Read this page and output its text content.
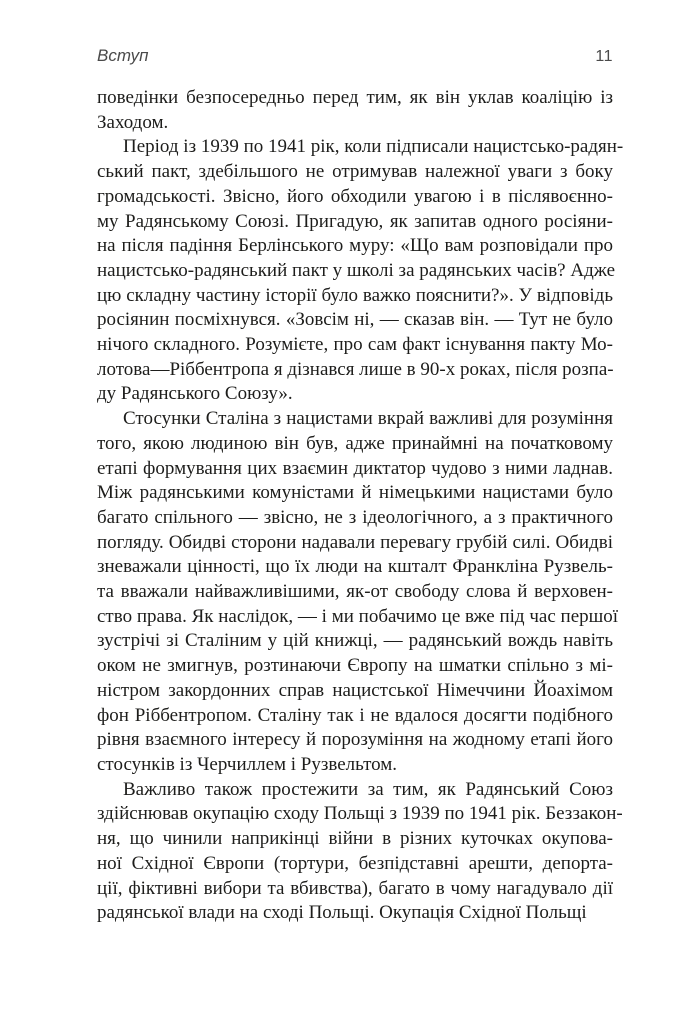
Вступ	11
поведінки безпосередньо перед тим, як він уклав коаліцію із
Заходом.
Період із 1939 по 1941 рік, коли підписали нацистсько-радян-
ський пакт, здебільшого не отримував належної уваги з боку
громадськості. Звісно, його обходили увагою і в післявоєнно-
му Радянському Союзі. Пригадую, як запитав одного росіяни-
на після падіння Берлінського муру: «Що вам розповідали про
нацистсько-радянський пакт у школі за радянських часів? Адже
цю складну частину історії було важко пояснити?». У відповідь
росіянин посміхнувся. «Зовсім ні, — сказав він. — Тут не було
нічого складного. Розумієте, про сам факт існування пакту Мо-
лотова—Ріббентропа я дізнався лише в 90-х роках, після розпа-
ду Радянського Союзу».
Стосунки Сталіна з нацистами вкрай важливі для розуміння
того, якою людиною він був, адже принаймні на початковому
етапі формування цих взаємин диктатор чудово з ними ладнав.
Між радянськими комуністами й німецькими нацистами було
багато спільного — звісно, не з ідеологічного, а з практичного
погляду. Обидві сторони надавали перевагу грубій силі. Обидві
зневажали цінності, що їх люди на кшталт Франкліна Рузвель-
та вважали найважливішими, як-от свободу слова й верховен-
ство права. Як наслідок, — і ми побачимо це вже під час першої
зустрічі зі Сталіним у цій книжці, — радянський вождь навіть
оком не змигнув, розтинаючи Європу на шматки спільно з мі-
ністром закордонних справ нацистської Німеччини Йоахімом
фон Ріббентропом. Сталіну так і не вдалося досягти подібного
рівня взаємного інтересу й порозуміння на жодному етапі його
стосунків із Черчиллем і Рузвельтом.
Важливо також простежити за тим, як Радянський Союз
здійснював окупацію сходу Польщі з 1939 по 1941 рік. Беззакон-
ня, що чинили наприкінці війни в різних куточках окупова-
ної Східної Європи (тортури, безпідставні арешти, депорта-
ції, фіктивні вибори та вбивства), багато в чому нагадувало дії
радянської влади на сході Польщі. Окупація Східної Польщі
